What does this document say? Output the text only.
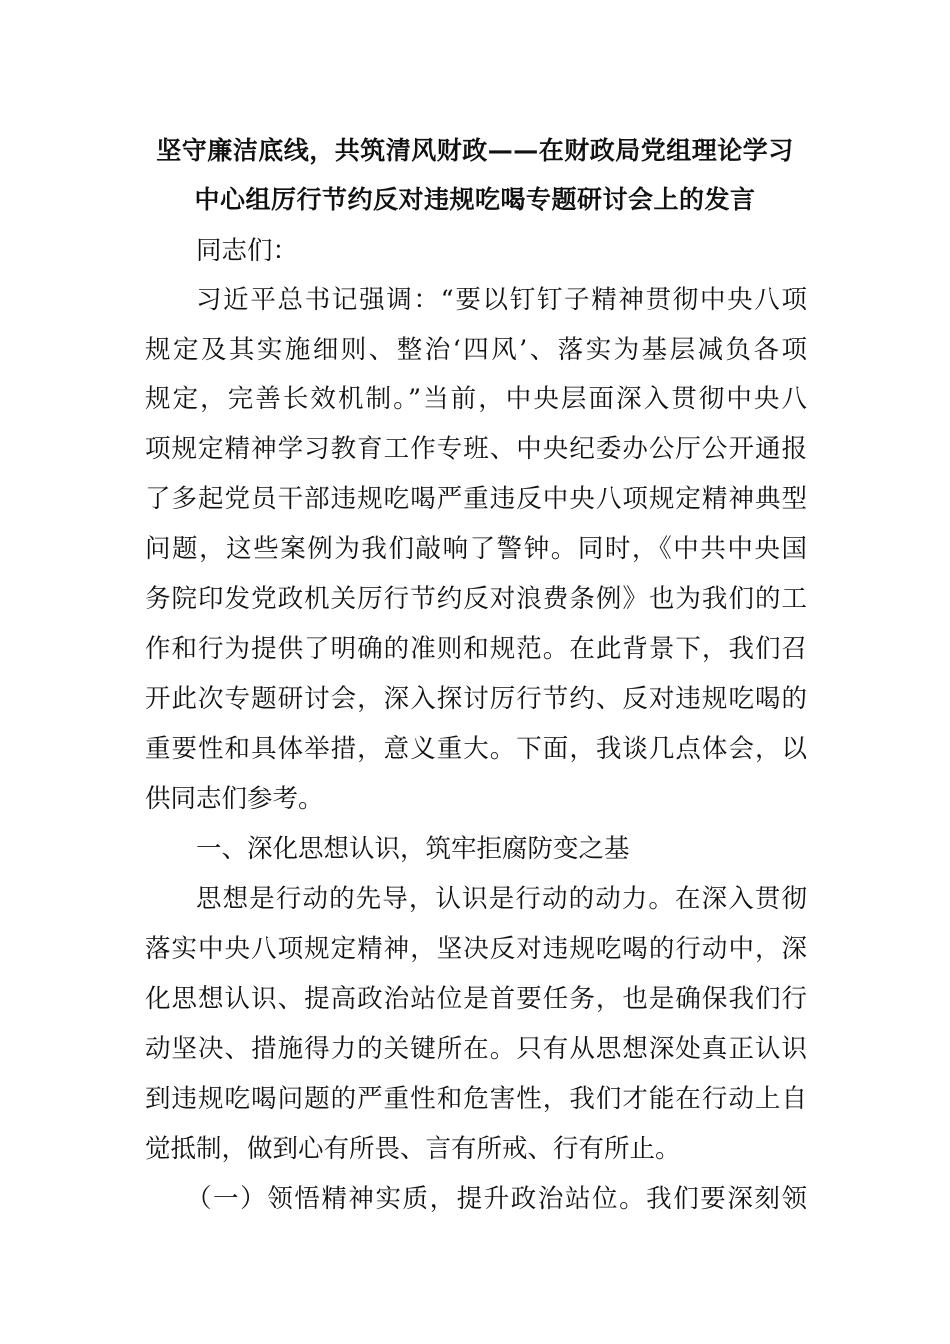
坚守廉洁底线，共筑清风财政——在财政局党组理论学习
中心组厉行节约反对违规吃喝专题研讨会上的发言
同志们：
习近平总书记强调：“要以钉钉子精神贯彻中央八项
规定及其实施细则、整治‘四风’、落实为基层减负各项
规定，完善长效机制。”当前，中央层面深入贯彻中央八
项规定精神学习教育工作专班、中央纪委办公厅公开通报
了多起党员干部违规吃喝严重违反中央八项规定精神典型
问题，这些案例为我们敲响了警钟。同时，《中共中央国
务院印发党政机关厉行节约反对浪费条例》也为我们的工
作和行为提供了明确的准则和规范。在此背景下，我们召
开此次专题研讨会，深入探讨厉行节约、反对违规吃喝的
重要性和具体举措，意义重大。下面，我谈几点体会，以
供同志们参考。
一、深化思想认识，筑牢拒腐防变之基
思想是行动的先导，认识是行动的动力。在深入贯彻
落实中央八项规定精神，坚决反对违规吃喝的行动中，深
化思想认识、提高政治站位是首要任务，也是确保我们行
动坚决、措施得力的关键所在。只有从思想深处真正认识
到违规吃喝问题的严重性和危害性，我们才能在行动上自
觉抵制，做到心有所畏、言有所戒、行有所止。
（一）领悟精神实质，提升政治站位。我们要深刻领
